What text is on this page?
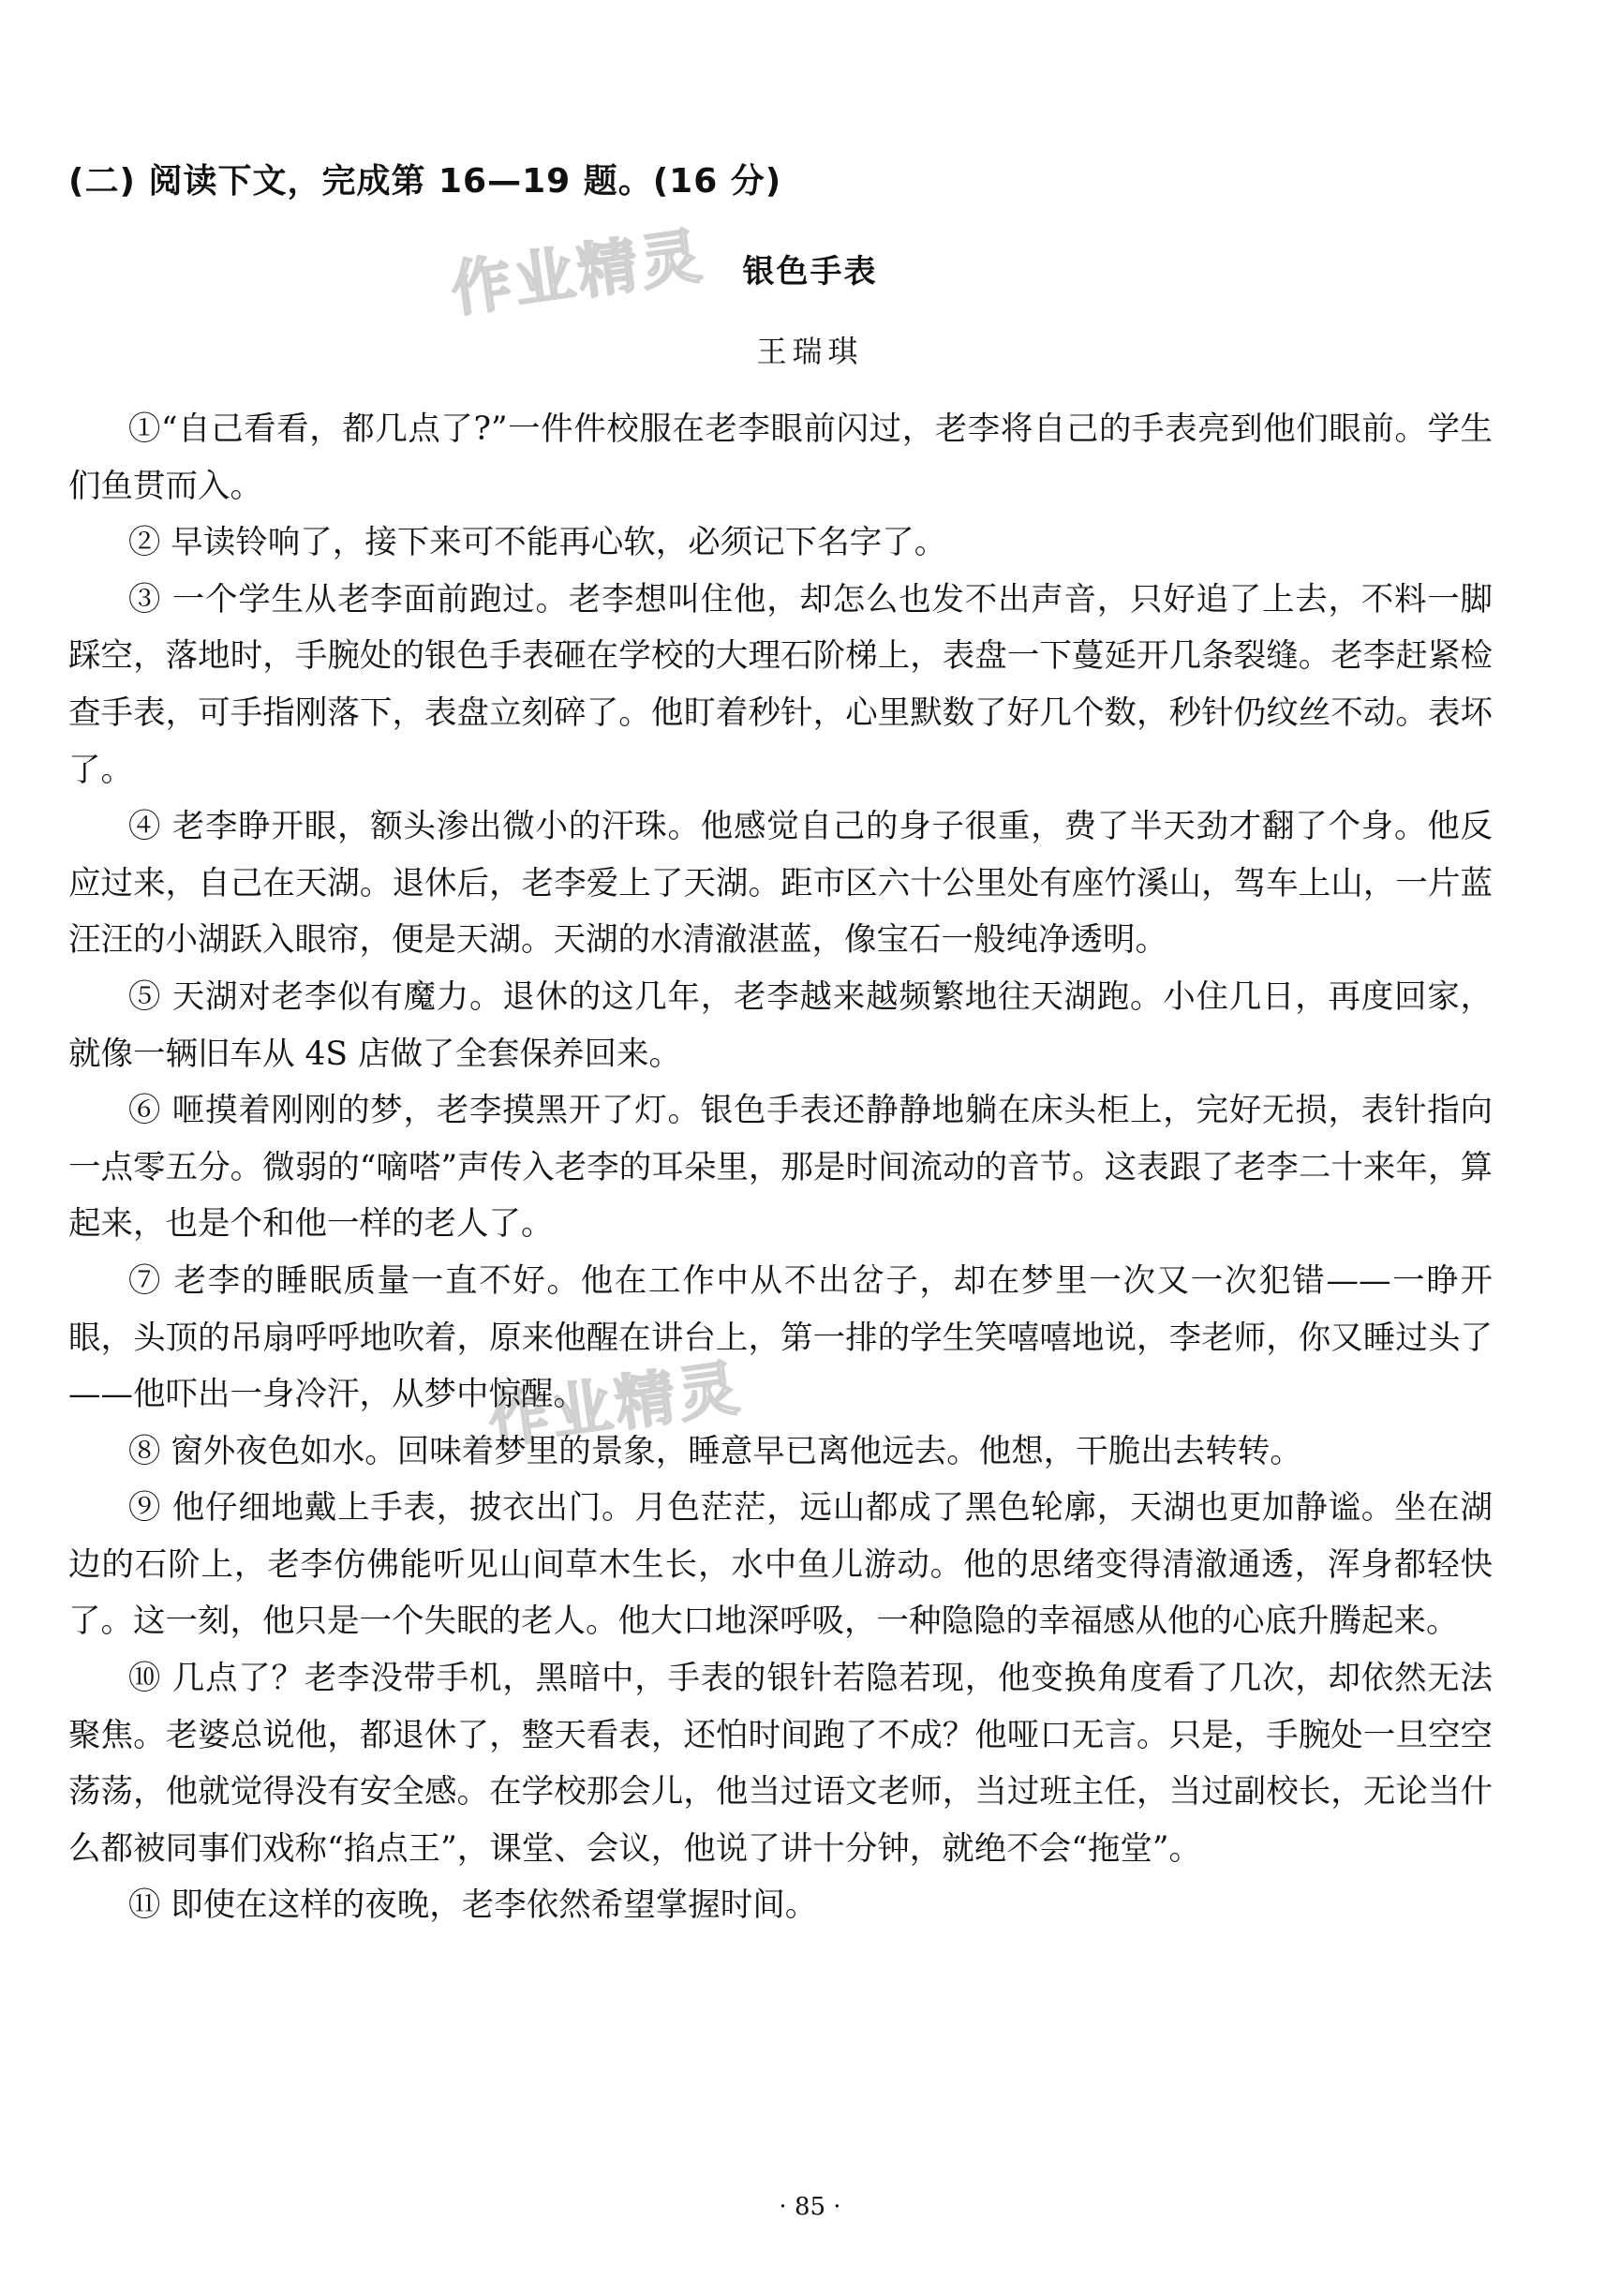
作业精灵
作业精灵
(二) 阅读下文，完成第 16—19 题。(16 分)
银色手表
王瑞琪

①“自己看看，都几点了?”一件件校服在老李眼前闪过，老李将自己的手表亮到他们眼前。学生们鱼贯而入。

② 早读铃响了，接下来可不能再心软，必须记下名字了。

③ 一个学生从老李面前跑过。老李想叫住他，却怎么也发不出声音，只好追了上去，不料一脚踩空，落地时，手腕处的银色手表砸在学校的大理石阶梯上，表盘一下蔓延开几条裂缝。老李赶紧检查手表，可手指刚落下，表盘立刻碎了。他盯着秒针，心里默数了好几个数，秒针仍纹丝不动。表坏了。

④ 老李睁开眼，额头渗出微小的汗珠。他感觉自己的身子很重，费了半天劲才翻了个身。他反应过来，自己在天湖。退休后，老李爱上了天湖。距市区六十公里处有座竹溪山，驾车上山，一片蓝汪汪的小湖跃入眼帘，便是天湖。天湖的水清澈湛蓝，像宝石一般纯净透明。

⑤ 天湖对老李似有魔力。退休的这几年，老李越来越频繁地往天湖跑。小住几日，再度回家，就像一辆旧车从 4S 店做了全套保养回来。

⑥ 咂摸着刚刚的梦，老李摸黑开了灯。银色手表还静静地躺在床头柜上，完好无损，表针指向一点零五分。微弱的“嘀嗒”声传入老李的耳朵里，那是时间流动的音节。这表跟了老李二十来年，算起来，也是个和他一样的老人了。

⑦ 老李的睡眠质量一直不好。他在工作中从不出岔子，却在梦里一次又一次犯错——一睁开眼，头顶的吊扇呼呼地吹着，原来他醒在讲台上，第一排的学生笑嘻嘻地说，李老师，你又睡过头了——他吓出一身冷汗，从梦中惊醒。

⑧ 窗外夜色如水。回味着梦里的景象，睡意早已离他远去。他想，干脆出去转转。

⑨ 他仔细地戴上手表，披衣出门。月色茫茫，远山都成了黑色轮廓，天湖也更加静谧。坐在湖边的石阶上，老李仿佛能听见山间草木生长，水中鱼儿游动。他的思绪变得清澈通透，浑身都轻快了。这一刻，他只是一个失眠的老人。他大口地深呼吸，一种隐隐的幸福感从他的心底升腾起来。

⑩ 几点了？老李没带手机，黑暗中，手表的银针若隐若现，他变换角度看了几次，却依然无法聚焦。老婆总说他，都退休了，整天看表，还怕时间跑了不成？他哑口无言。只是，手腕处一旦空空荡荡，他就觉得没有安全感。在学校那会儿，他当过语文老师，当过班主任，当过副校长，无论当什么都被同事们戏称“掐点王”，课堂、会议，他说了讲十分钟，就绝不会“拖堂”。

⑪ 即使在这样的夜晚，老李依然希望掌握时间。

· 85 ·
